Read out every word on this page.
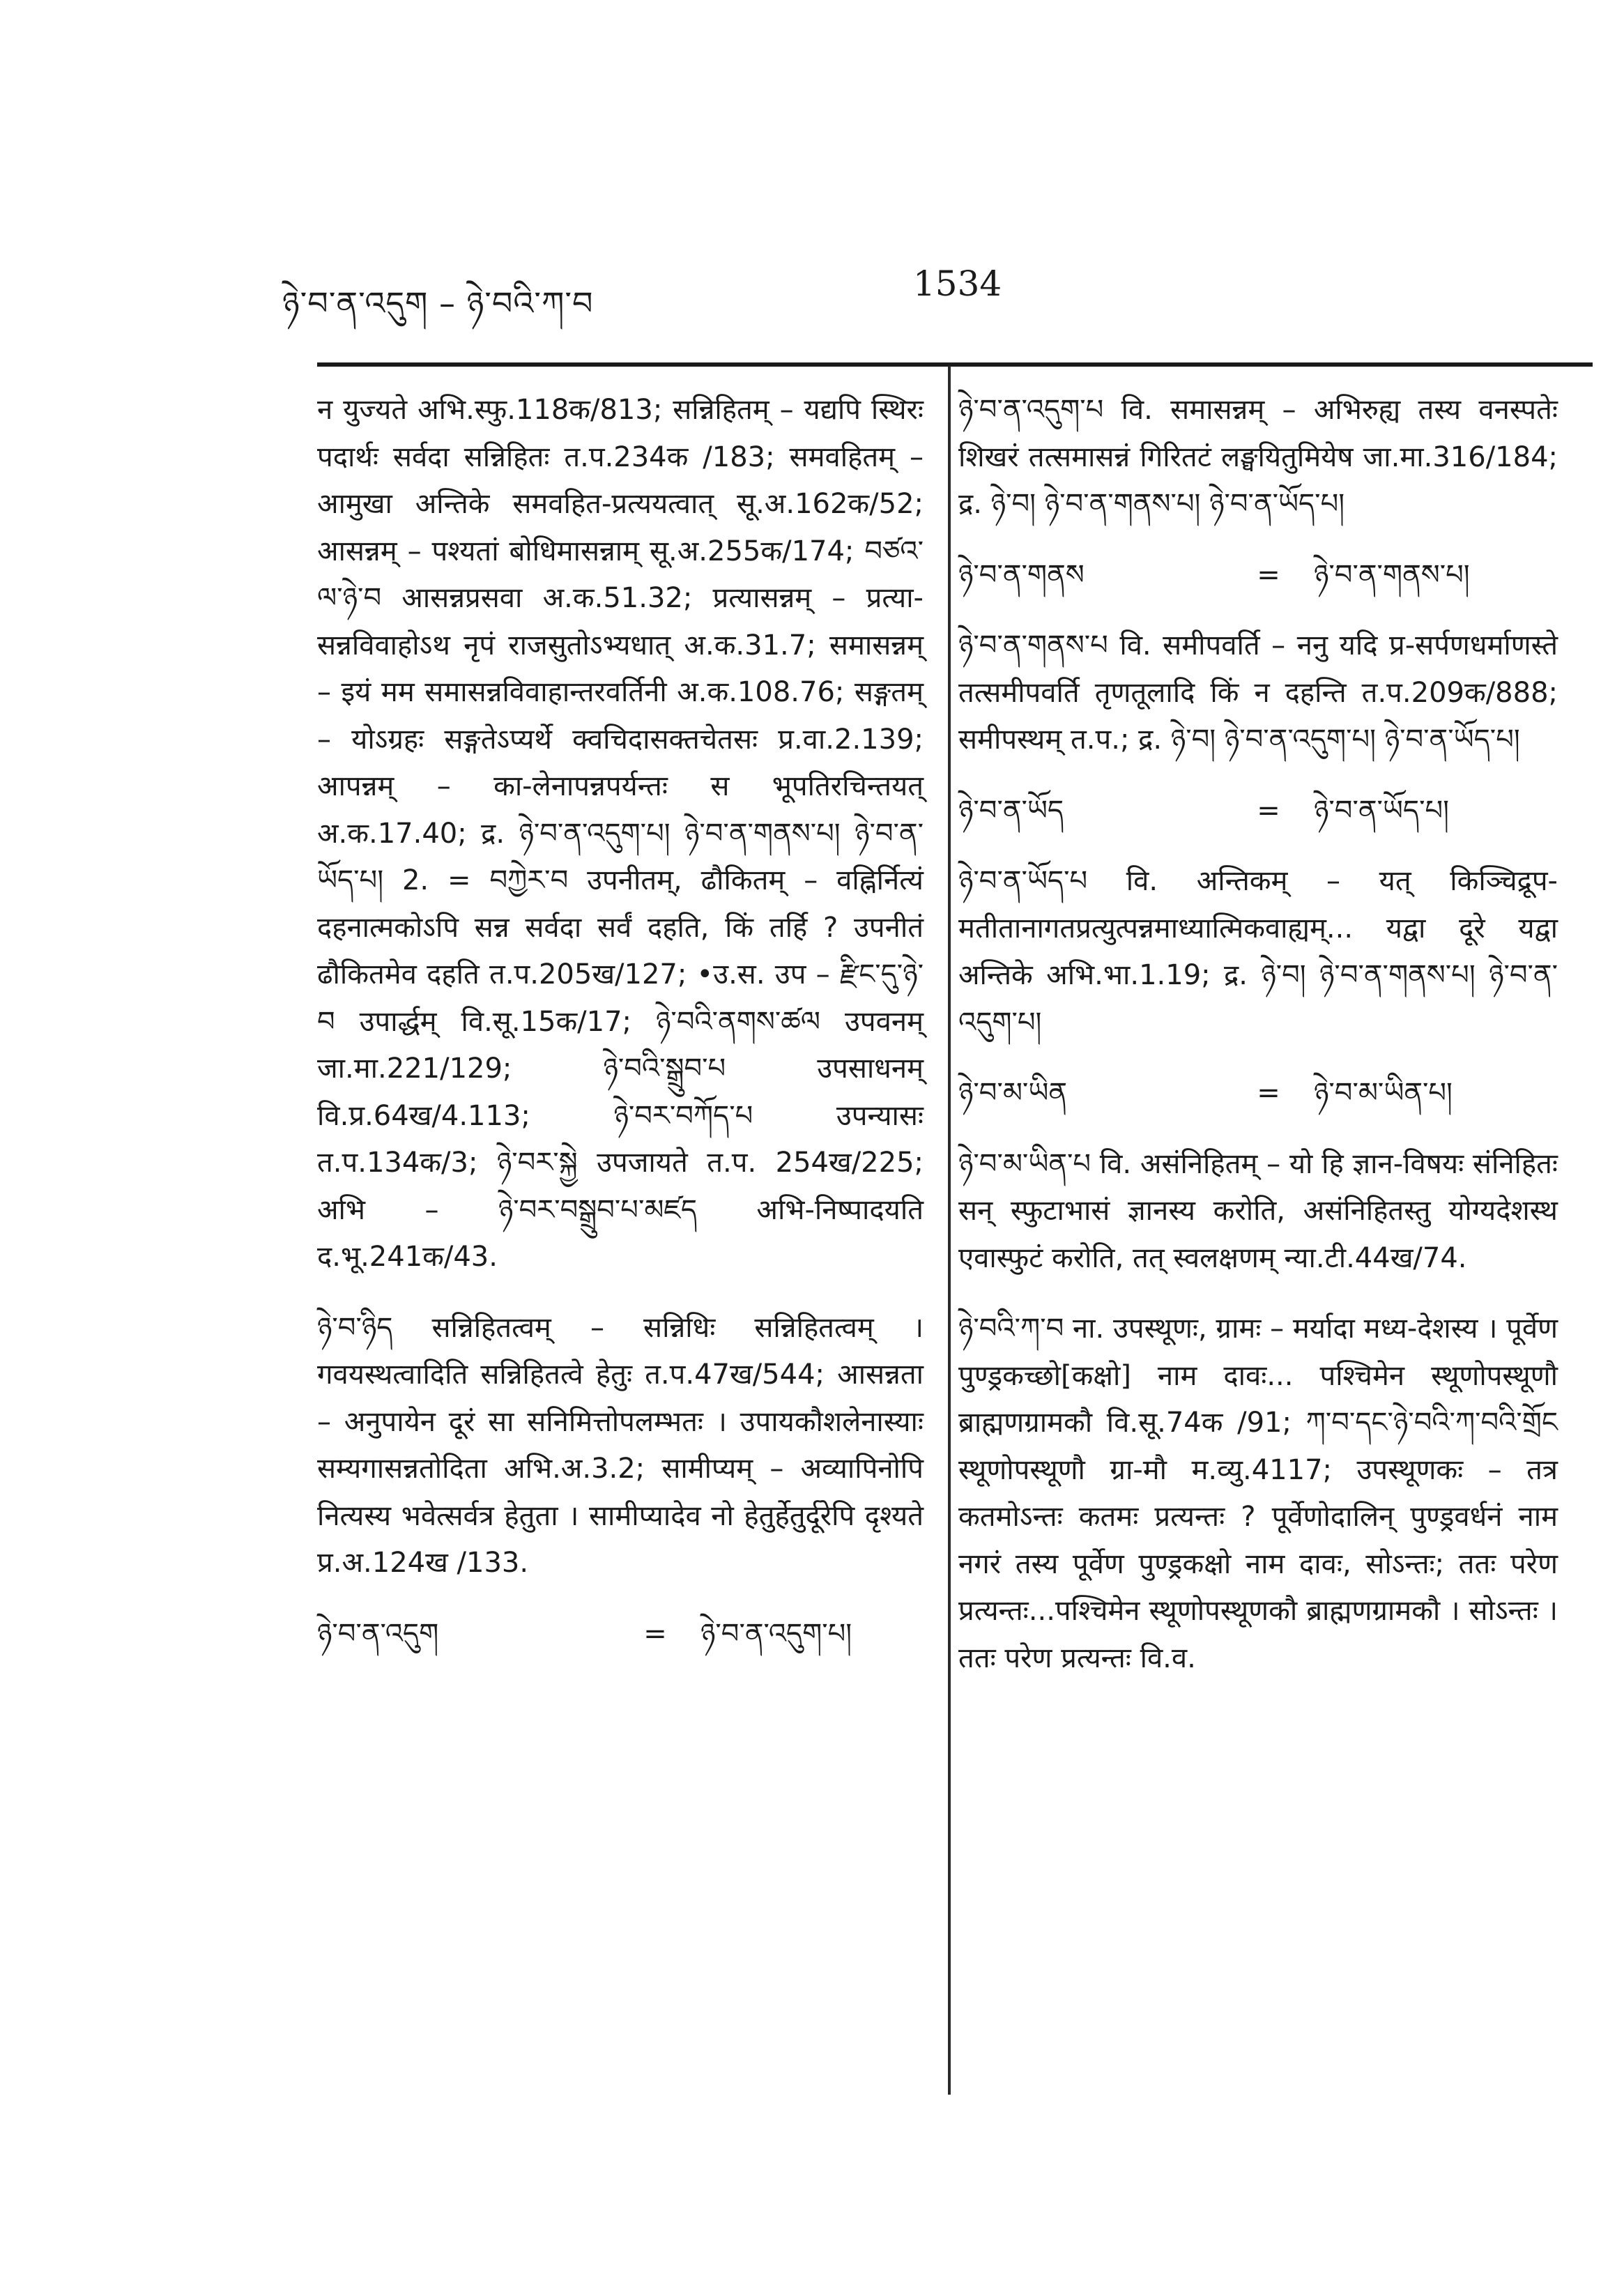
ཉེ་བ་ན་འདུག – ཉེ་བའི་ཀ་བ	1534

न युज्यते अभि.स्फु.118क/813; सन्निहितम् – यद्यपि स्थिरः पदार्थः सर्वदा सन्निहितः त.प.234क /183; समवहितम् – आमुखा अन्तिके समवहित-प्रत्ययत्वात् सू.अ.162क/52; आसन्नम् – पश्यतां बोधिमासन्नाम् सू.अ.255क/174; བཙའ་ལ་ཉེ་བ आसन्नप्रसवा अ.क.51.32; प्रत्यासन्नम् – प्रत्या-सन्नविवाहोऽथ नृपं राजसुतोऽभ्यधात् अ.क.31.7; समासन्नम् – इयं मम समासन्नविवाहान्तरवर्तिनी अ.क.108.76; सङ्गतम् – योऽग्रहः सङ्गतेऽप्यर्थे क्वचिदासक्तचेतसः प्र.वा.2.139; आपन्नम् – का-लेनापन्नपर्यन्तः स भूपतिरचिन्तयत् अ.क.17.40; द्र. ཉེ་བ་ན་འདུག་པ། ཉེ་བ་ན་གནས་པ། ཉེ་བ་ན་ཡོད་པ། 2. = བཀྱེར་བ उपनीतम्, ढौकितम् – वह्निर्नित्यं दहनात्मकोऽपि सन्न सर्वदा सर्वं दहति, किं तर्हि ? उपनीतं ढौकितमेव दहति त.प.205ख/127; •उ.स. उप – རྫིང་དུ་ཉེ་བ उपार्द्धम् वि.सू.15क/17; ཉེ་བའི་ནགས་ཚལ उपवनम् जा.मा.221/129; ཉེ་བའི་སྒྲུབ་པ उपसाधनम् वि.प्र.64ख/4.113; ཉེ་བར་བཀོད་པ उपन्यासः त.प.134क/3; ཉེ་བར་སྐྱེ उपजायते त.प. 254ख/225; अभि – ཉེ་བར་བསྒྲུབ་པ་མཛད अभि-निष्पादयति द.भू.241क/43.

ཉེ་བ་ཉིད सन्निहितत्वम् – सन्निधिः सन्निहितत्वम् । गवयस्थत्वादिति सन्निहितत्वे हेतुः त.प.47ख/544; आसन्नता – अनुपायेन दूरं सा सनिमित्तोपलम्भतः । उपायकौशलेनास्याः सम्यगासन्नतोदिता अभि.अ.3.2; सामीप्यम् – अव्यापिनोपि नित्यस्य भवेत्सर्वत्र हेतुता । सामीप्यादेव नो हेतुर्हेतुर्दूरेपि दृश्यते प्र.अ.124ख /133.

ཉེ་བ་ན་འདུག	=	ཉེ་བ་ན་འདུག་པ།

ཉེ་བ་ན་འདུག་པ वि. समासन्नम् – अभिरुह्य तस्य वनस्पतेः शिखरं तत्समासन्नं गिरितटं लङ्घयितुमियेष जा.मा.316/184; द्र. ཉེ་བ། ཉེ་བ་ན་གནས་པ། ཉེ་བ་ན་ཡོད་པ།

ཉེ་བ་ན་གནས	=	ཉེ་བ་ན་གནས་པ།

ཉེ་བ་ན་གནས་པ वि. समीपवर्ति – ननु यदि प्र-सर्पणधर्माणस्ते तत्समीपवर्ति तृणतूलादि किं न दहन्ति त.प.209क/888; समीपस्थम् त.प.; द्र. ཉེ་བ། ཉེ་བ་ན་འདུག་པ། ཉེ་བ་ན་ཡོད་པ།

ཉེ་བ་ན་ཡོད	=	ཉེ་བ་ན་ཡོད་པ།

ཉེ་བ་ན་ཡོད་པ वि. अन्तिकम् – यत् किञ्चिद्रूप-मतीतानागतप्रत्युत्पन्नमाध्यात्मिकवाह्यम्... यद्वा दूरे यद्वा अन्तिके अभि.भा.1.19; द्र. ཉེ་བ། ཉེ་བ་ན་གནས་པ། ཉེ་བ་ན་འདུག་པ།

ཉེ་བ་མ་ཡིན	=	ཉེ་བ་མ་ཡིན་པ།

ཉེ་བ་མ་ཡིན་པ वि. असंनिहितम् – यो हि ज्ञान-विषयः संनिहितः सन् स्फुटाभासं ज्ञानस्य करोति, असंनिहितस्तु योग्यदेशस्थ एवास्फुटं करोति, तत् स्वलक्षणम् न्या.टी.44ख/74.

ཉེ་བའི་ཀ་བ ना. उपस्थूणः, ग्रामः – मर्यादा मध्य-देशस्य । पूर्वेण पुण्ड्रकच्छो[कक्षो] नाम दावः... पश्चिमेन स्थूणोपस्थूणौ ब्राह्मणग्रामकौ वि.सू.74क /91; ཀ་བ་དང་ཉེ་བའི་ཀ་བའི་གྲོང स्थूणोपस्थूणौ ग्रा-मौ म.व्यु.4117; उपस्थूणकः – तत्र कतमोऽन्तः कतमः प्रत्यन्तः ? पूर्वेणोदालिन् पुण्ड्रवर्धनं नाम नगरं तस्य पूर्वेण पुण्ड्रकक्षो नाम दावः, सोऽन्तः; ततः परेण प्रत्यन्तः...पश्चिमेन स्थूणोपस्थूणकौ ब्राह्मणग्रामकौ । सोऽन्तः । ततः परेण प्रत्यन्तः वि.व.
